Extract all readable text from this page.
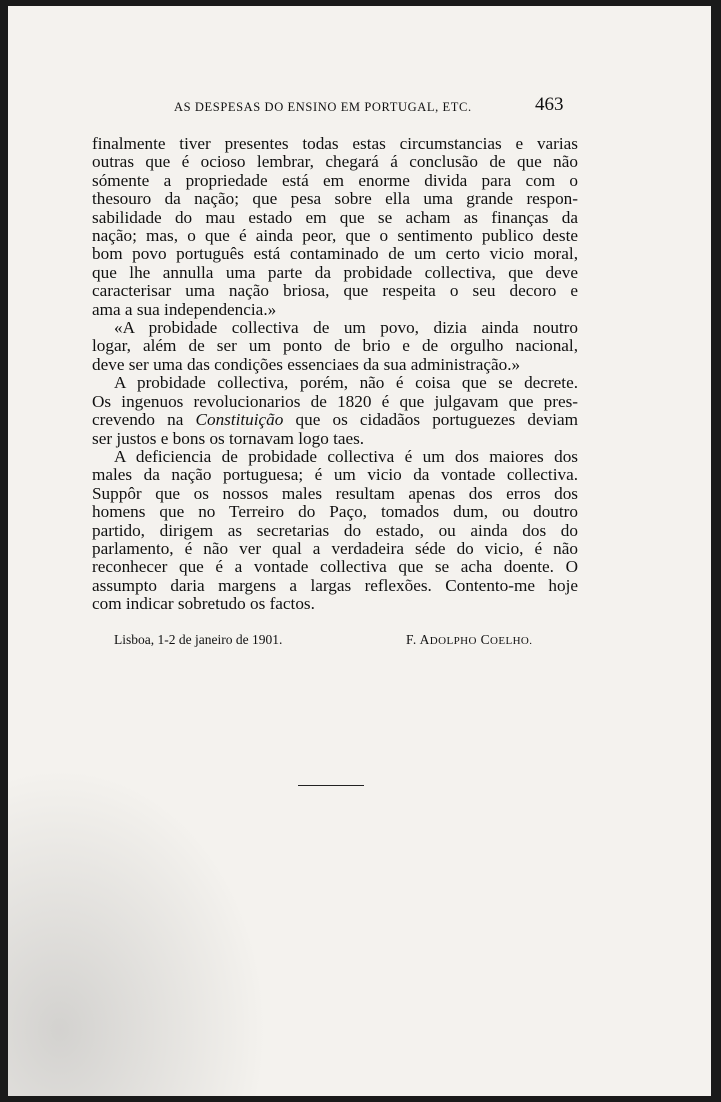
AS DESPESAS DO ENSINO EM PORTUGAL, ETC.	463

finalmente tiver presentes todas estas circumstancias e varias
outras que é ocioso lembrar, chegará á conclusão de que não
sómente a propriedade está em enorme divida para com o
thesouro da nação; que pesa sobre ella uma grande respon-
sabilidade do mau estado em que se acham as finanças da
nação; mas, o que é ainda peor, que o sentimento publico deste
bom povo português está contaminado de um certo vicio moral,
que lhe annulla uma parte da probidade collectiva, que deve
caracterisar uma nação briosa, que respeita o seu decoro e
ama a sua independencia.»

«A probidade collectiva de um povo, dizia ainda noutro
logar, além de ser um ponto de brio e de orgulho nacional,
deve ser uma das condições essenciaes da sua administração.»

A probidade collectiva, porém, não é coisa que se decrete.
Os ingenuos revolucionarios de 1820 é que julgavam que pres-
crevendo na Constituição que os cidadãos portuguezes deviam
ser justos e bons os tornavam logo taes.

A deficiencia de probidade collectiva é um dos maiores dos
males da nação portuguesa; é um vicio da vontade collectiva.
Suppôr que os nossos males resultam apenas dos erros dos
homens que no Terreiro do Paço, tomados dum, ou doutro
partido, dirigem as secretarias do estado, ou ainda dos do
parlamento, é não ver qual a verdadeira séde do vicio, é não
reconhecer que é a vontade collectiva que se acha doente. O
assumpto daria margens a largas reflexões. Contento-me hoje
com indicar sobretudo os factos.

Lisboa, 1-2 de janeiro de 1901.	F. ADOLPHO COELHO.
